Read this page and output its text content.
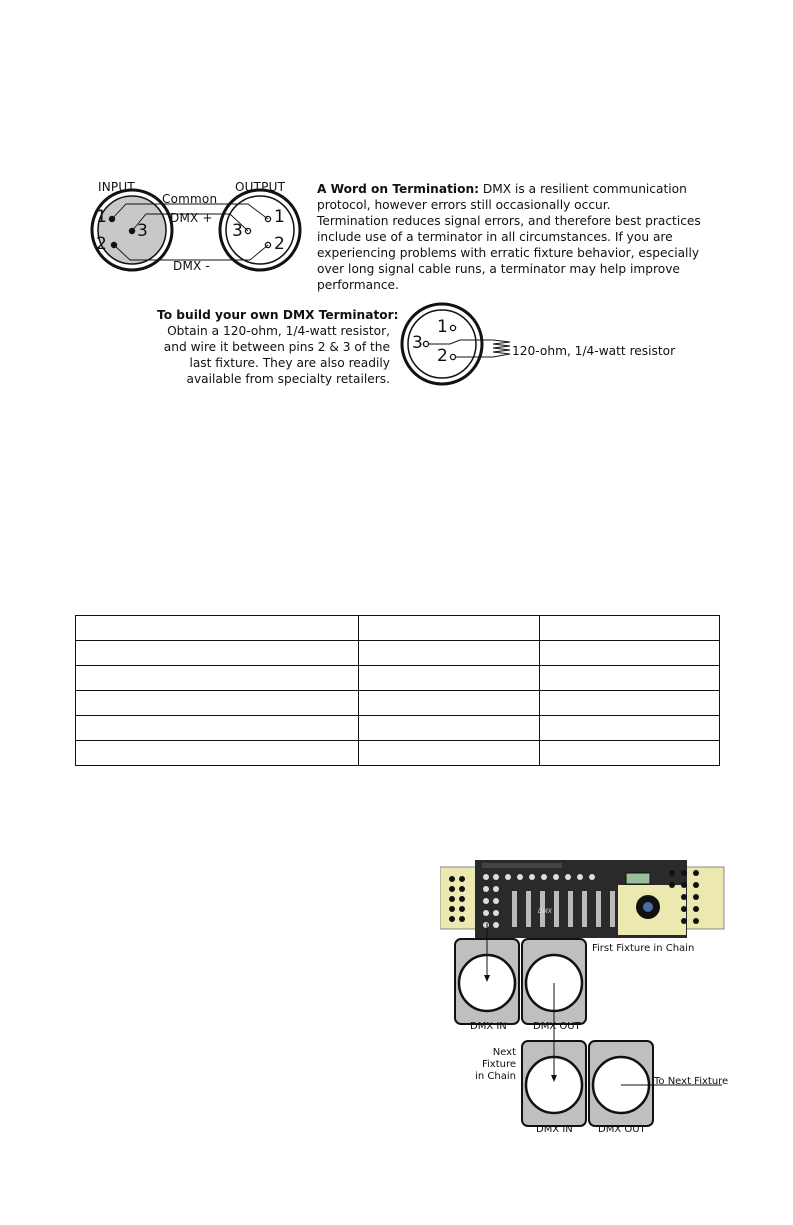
INPUT	OUTPUT
Common
DMX +
DMX -
1
2
3
1
2
3
A Word on Termination: DMX is a resilient communication
protocol, however errors still occasionally occur.
Termination reduces signal errors, and therefore best practices
include use of a terminator in all circumstances. If you are
experiencing problems with erratic fixture behavior, especially
over long signal cable runs, a terminator may help improve
performance.
To build your own DMX Terminator:
Obtain a 120-ohm, 1/4-watt resistor,
and wire it between pins 2 & 3 of the
last fixture. They are also readily
available from specialty retailers.
1
3
2	120-ohm, 1/4-watt resistor

DMX
First Fixture in Chain
DMX IN	DMX OUT
Next Fixture
in Chain	To Next Fixture
DMX IN	DMX OUT
